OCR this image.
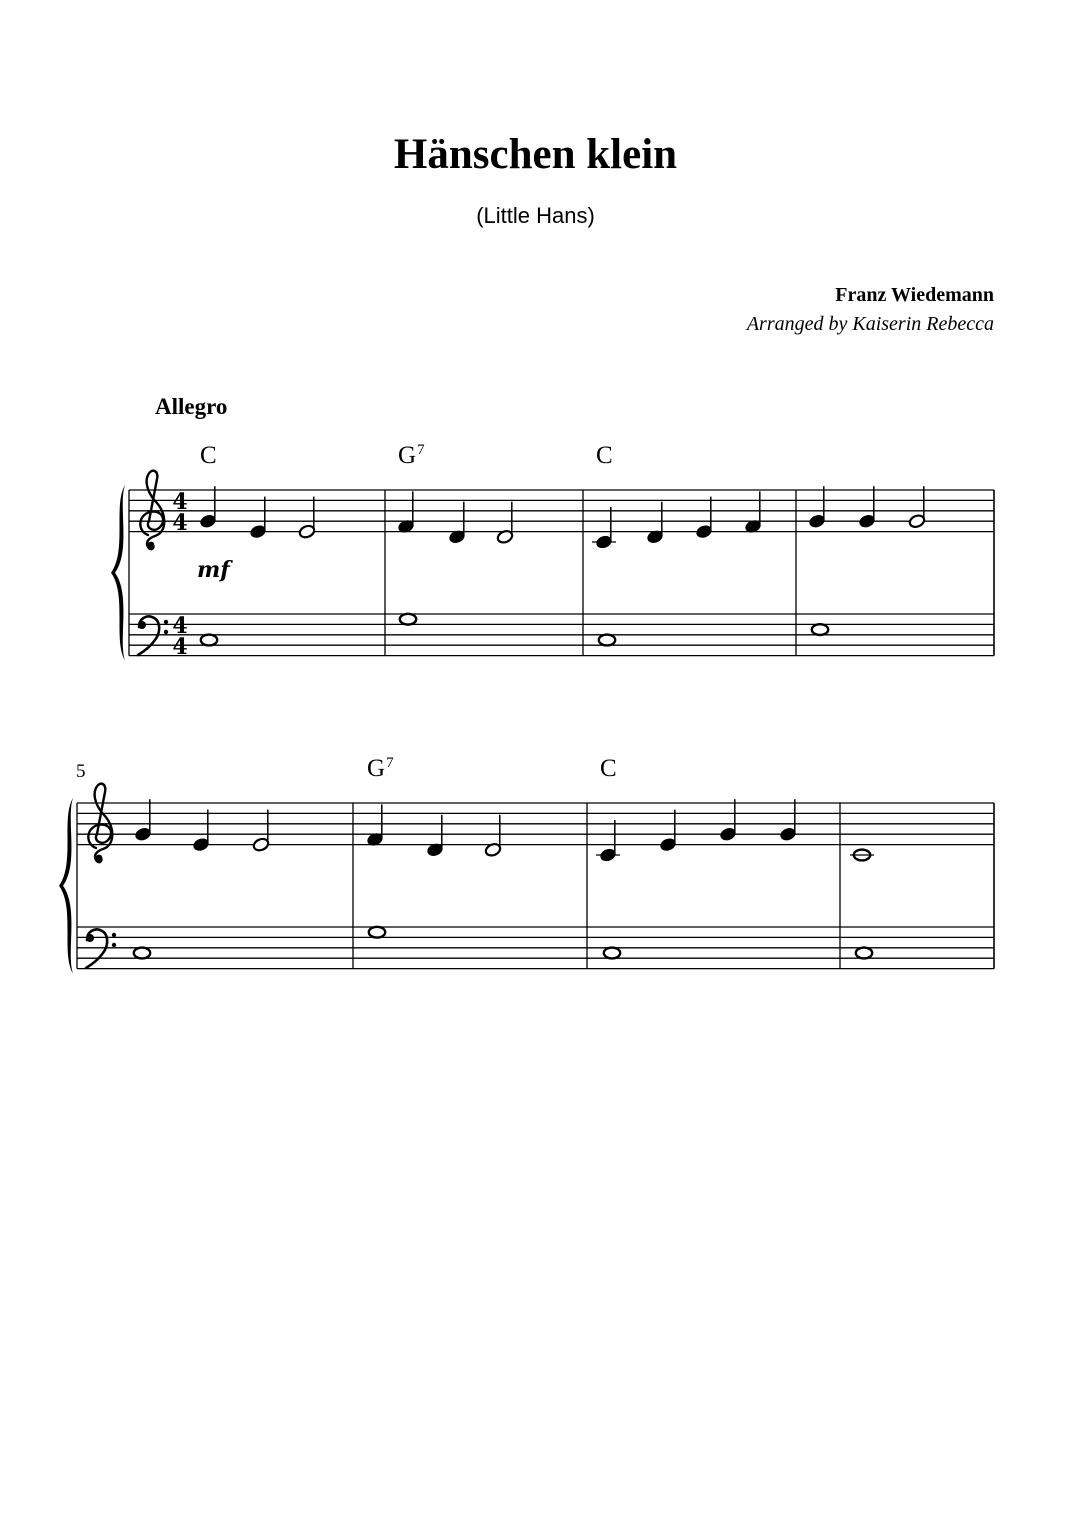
Hänschen klein
(Little Hans)
Franz Wiedemann
Arranged by Kaiserin Rebecca
Allegro
4
4
4
4
mf
C	$G^7$	C
5	$G^7$	C
